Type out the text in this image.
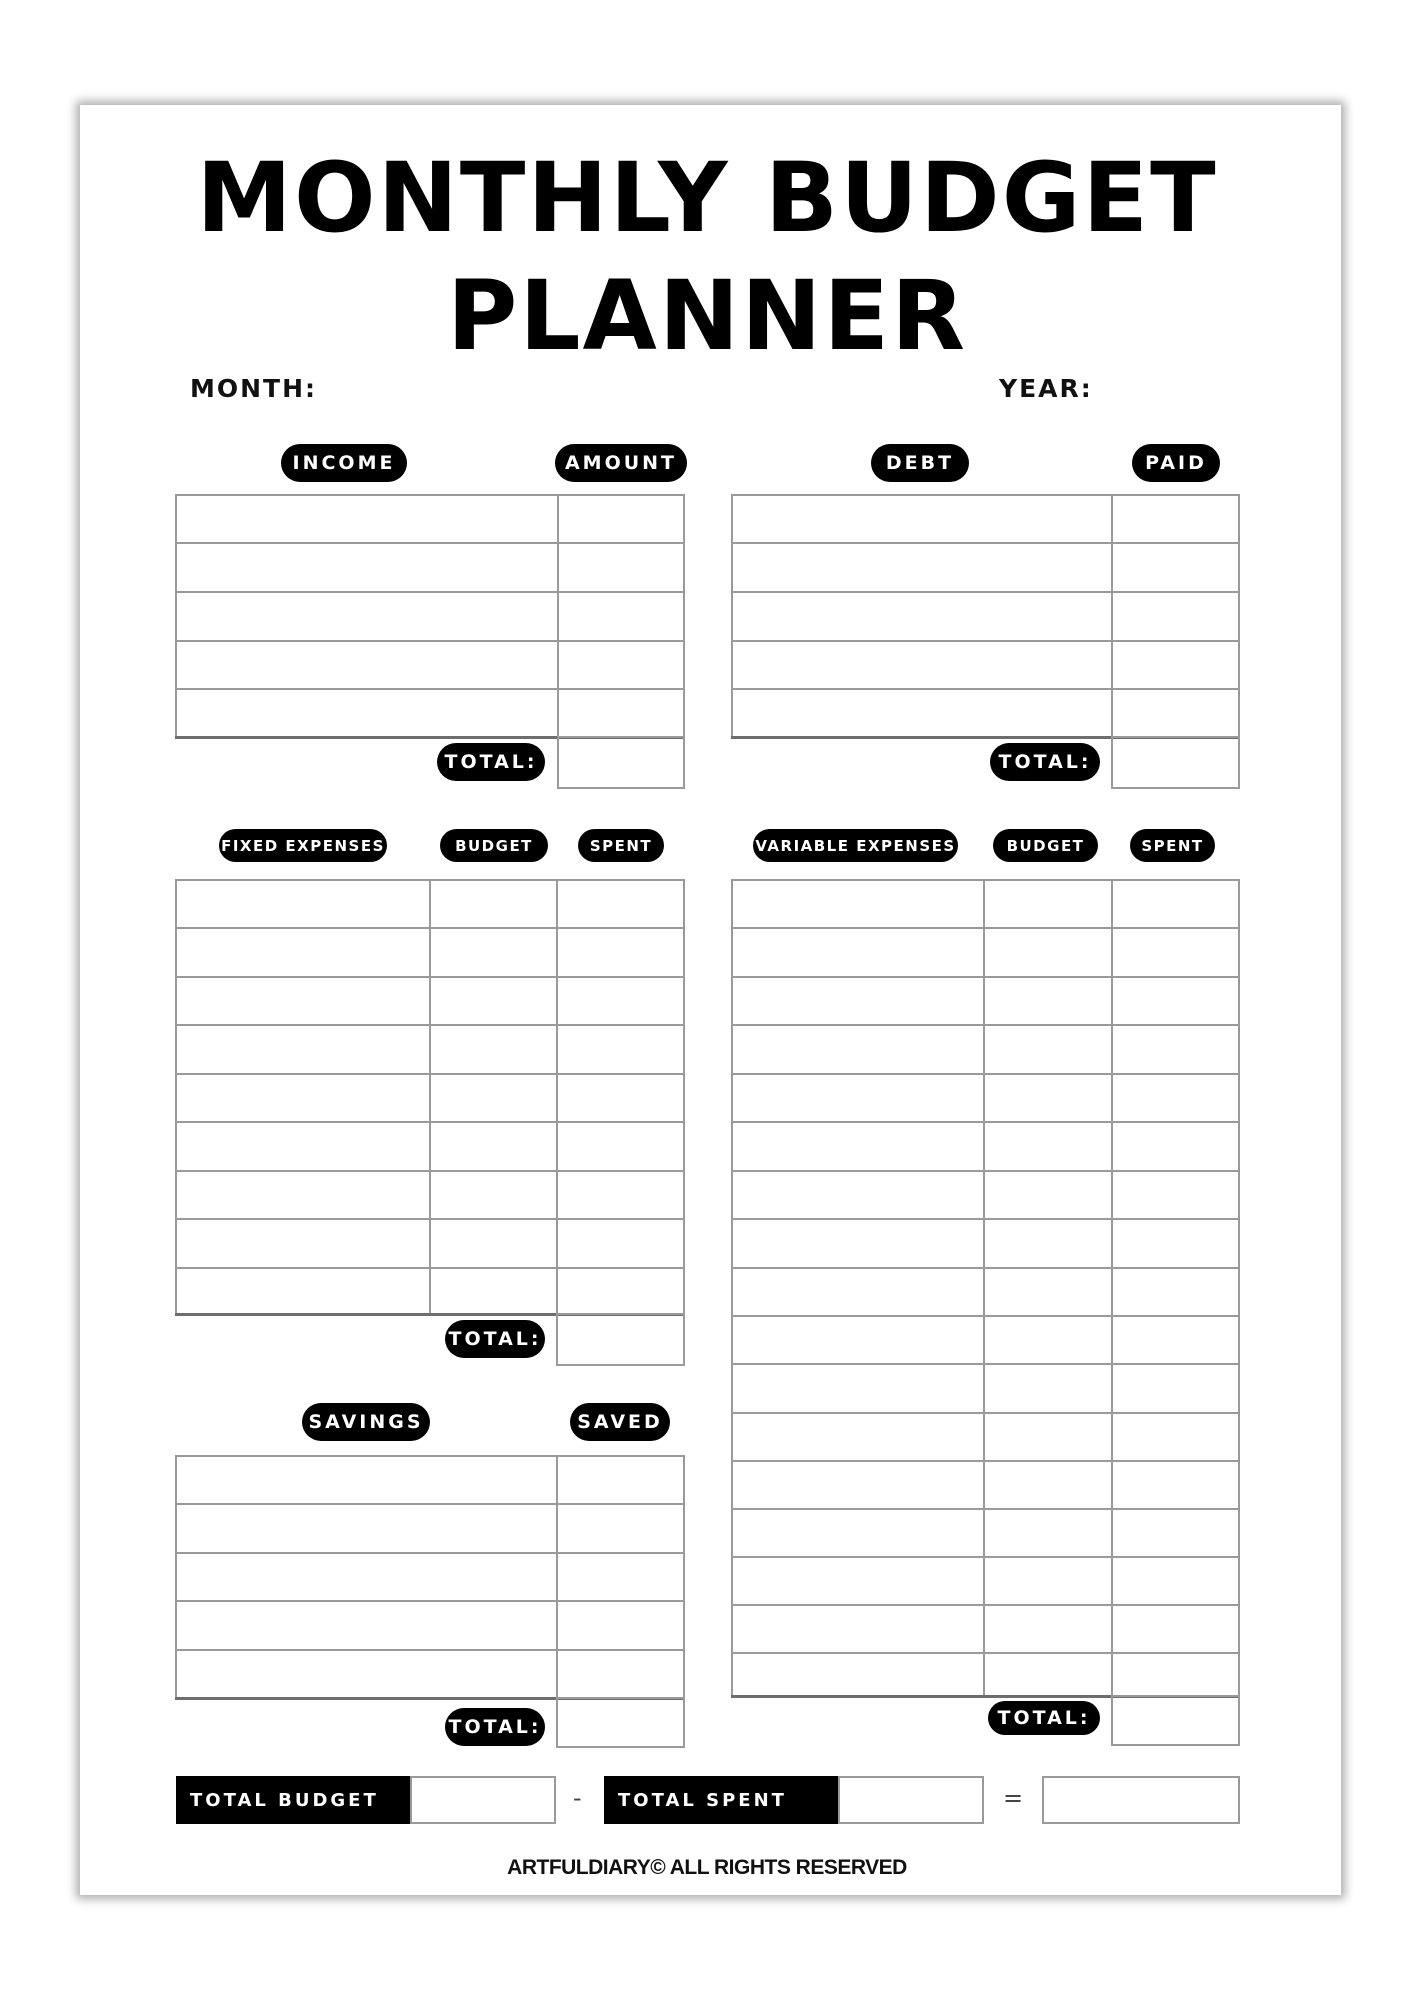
MONTHLY BUDGET
PLANNER
MONTH:	YEAR:
INCOME	AMOUNT
TOTAL:
DEBT	PAID
TOTAL:
FIXED EXPENSES	BUDGET	SPENT
TOTAL:
VARIABLE EXPENSES	BUDGET	SPENT
TOTAL:
SAVINGS	SAVED
TOTAL:
TOTAL BUDGET	-	TOTAL SPENT	=
ARTFULDIARY© ALL RIGHTS RESERVED
